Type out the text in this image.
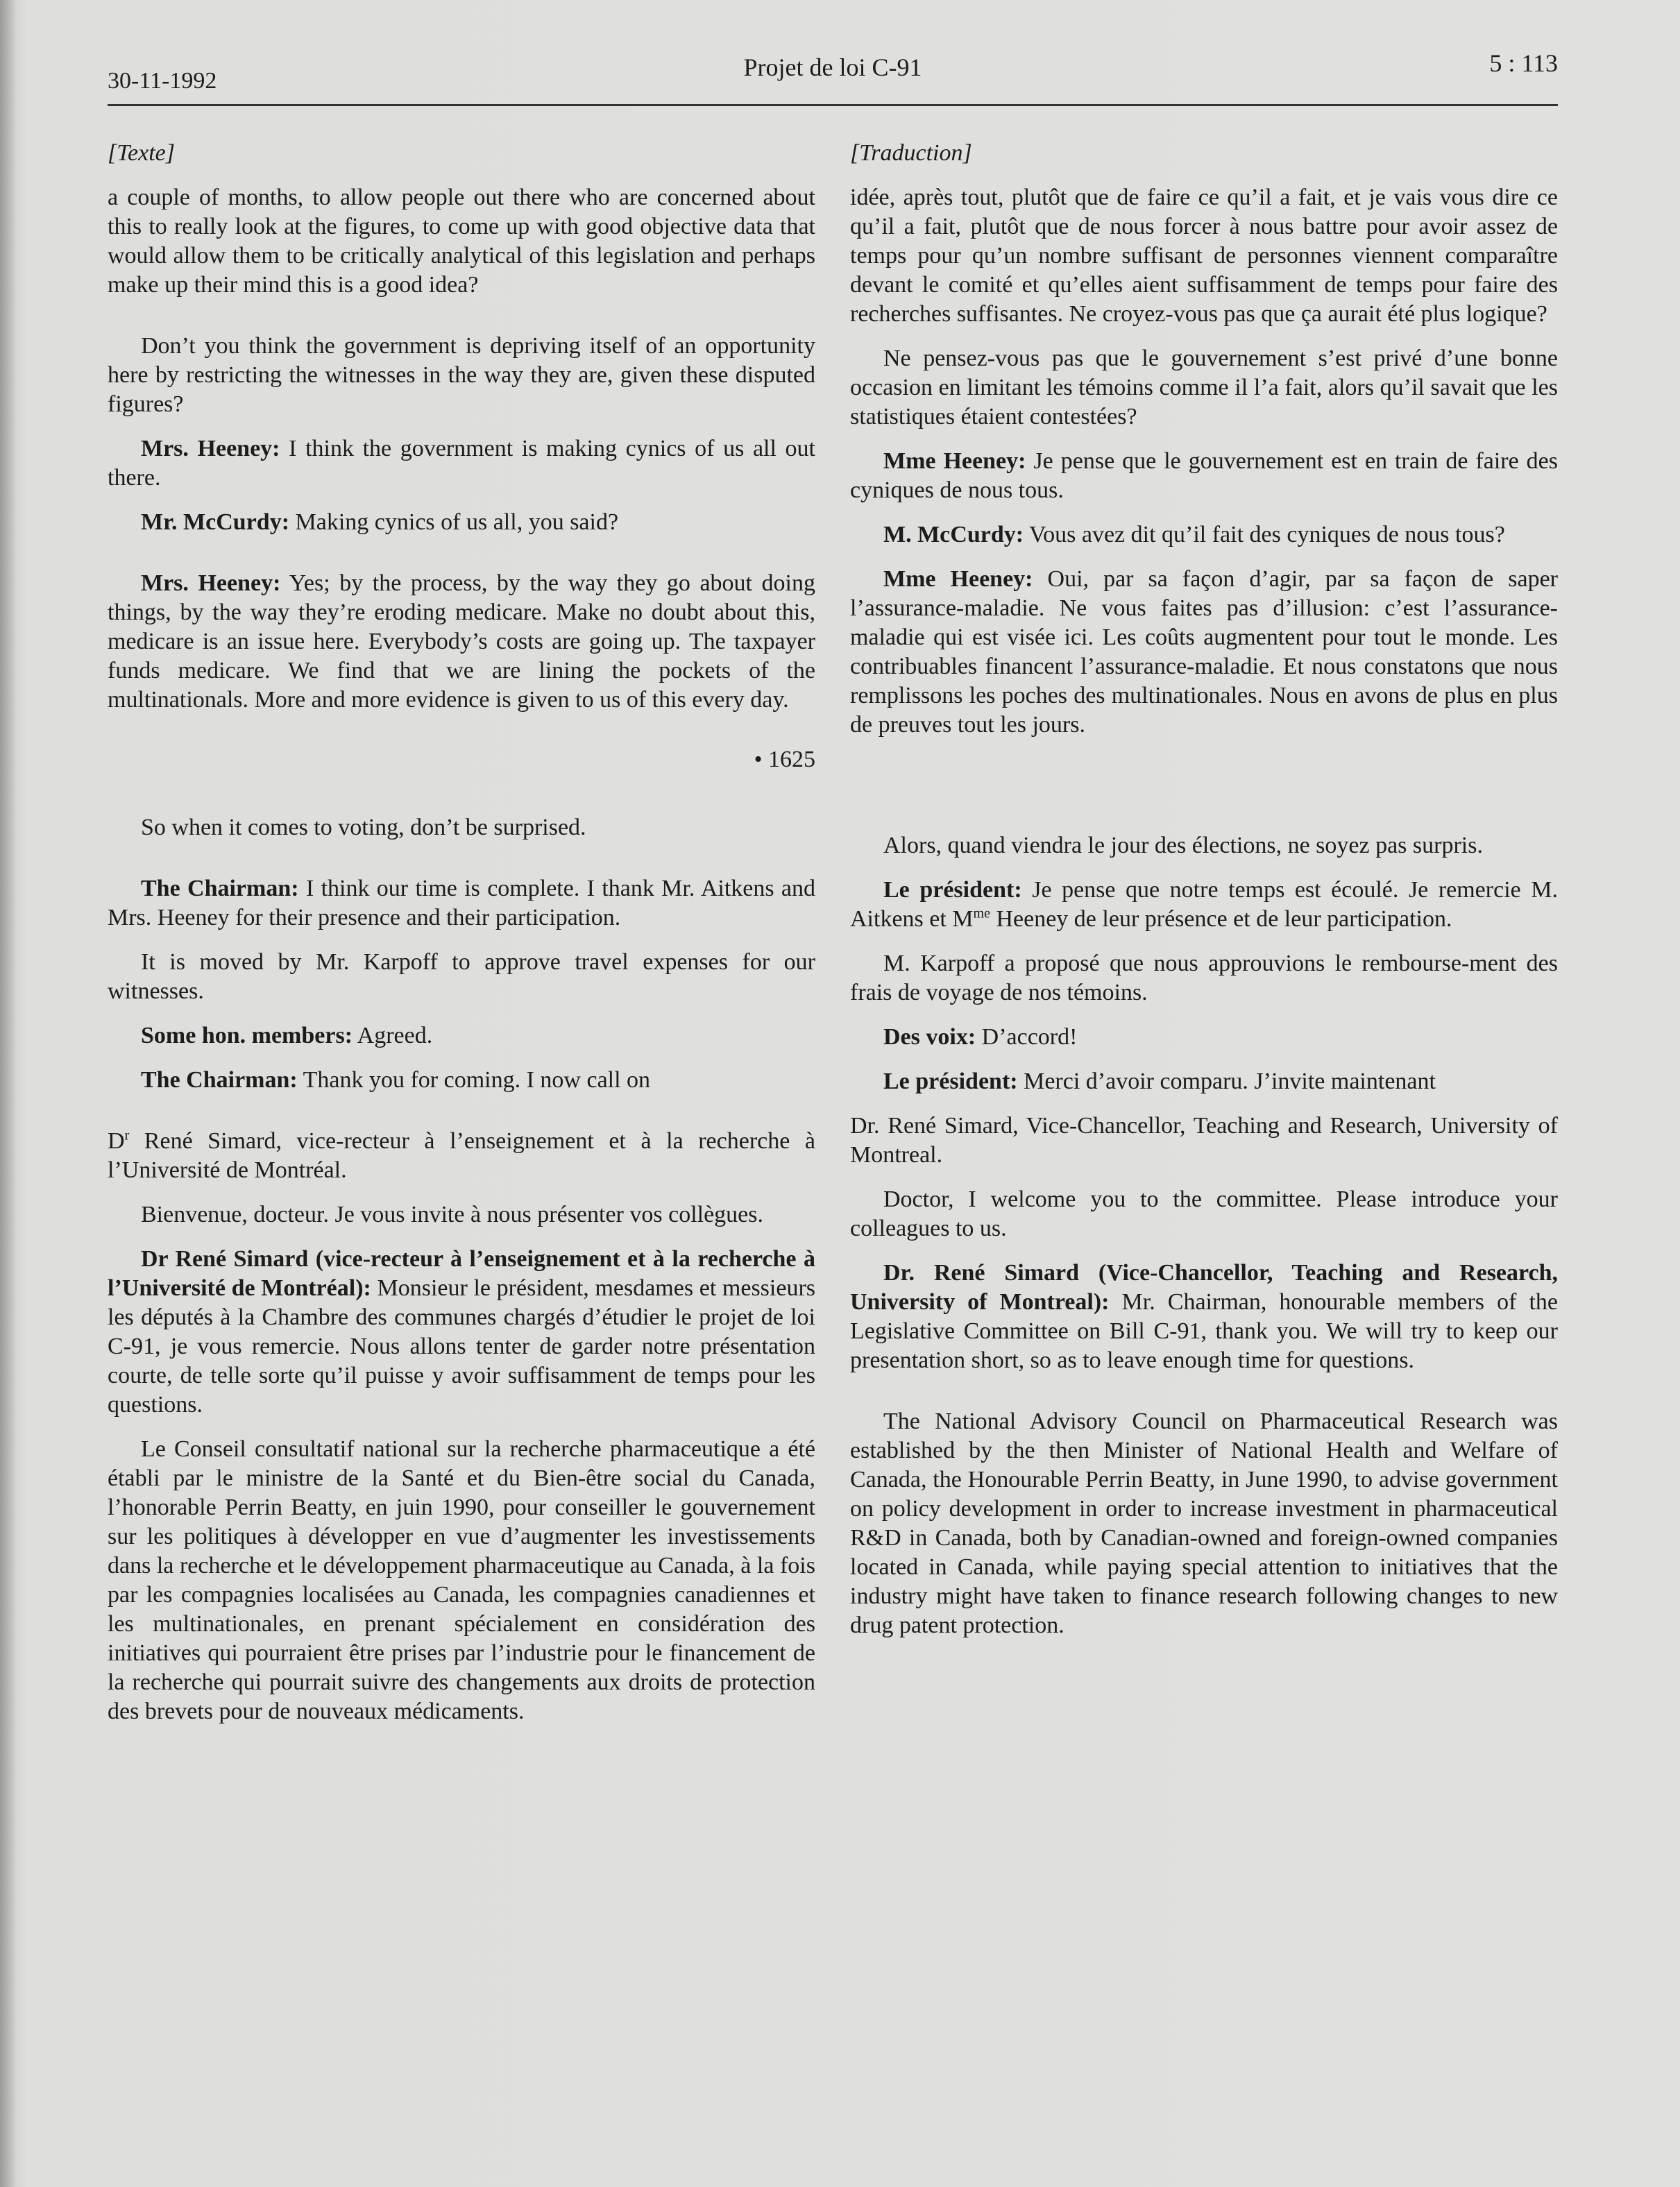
30-11-1992	Projet de loi C-91	5 : 113

[Texte]

a couple of months, to allow people out there who are concerned about this to really look at the figures, to come up with good objective data that would allow them to be critically analytical of this legislation and perhaps make up their mind this is a good idea?

Don’t you think the government is depriving itself of an opportunity here by restricting the witnesses in the way they are, given these disputed figures?

Mrs. Heeney: I think the government is making cynics of us all out there.

Mr. McCurdy: Making cynics of us all, you said?

Mrs. Heeney: Yes; by the process, by the way they go about doing things, by the way they’re eroding medicare. Make no doubt about this, medicare is an issue here. Everybody’s costs are going up. The taxpayer funds medicare. We find that we are lining the pockets of the multinationals. More and more evidence is given to us of this every day.

• 1625

So when it comes to voting, don’t be surprised.

The Chairman: I think our time is complete. I thank Mr. Aitkens and Mrs. Heeney for their presence and their participation.

It is moved by Mr. Karpoff to approve travel expenses for our witnesses.

Some hon. members: Agreed.

The Chairman: Thank you for coming. I now call on

$D^r$ René Simard, vice-recteur à l’enseignement et à la recherche à l’Université de Montréal.

Bienvenue, docteur. Je vous invite à nous présenter vos collègues.

Dr René Simard (vice-recteur à l’enseignement et à la recherche à l’Université de Montréal): Monsieur le président, mesdames et messieurs les députés à la Chambre des communes chargés d’étudier le projet de loi C-91, je vous remercie. Nous allons tenter de garder notre présentation courte, de telle sorte qu’il puisse y avoir suffisamment de temps pour les questions.

Le Conseil consultatif national sur la recherche pharmaceutique a été établi par le ministre de la Santé et du Bien-être social du Canada, l’honorable Perrin Beatty, en juin 1990, pour conseiller le gouvernement sur les politiques à développer en vue d’augmenter les investissements dans la recherche et le développement pharmaceutique au Canada, à la fois par les compagnies localisées au Canada, les compagnies canadiennes et les multinationales, en prenant spécialement en considération des initiatives qui pourraient être prises par l’industrie pour le financement de la recherche qui pourrait suivre des changements aux droits de protection des brevets pour de nouveaux médicaments.

[Traduction]

idée, après tout, plutôt que de faire ce qu’il a fait, et je vais vous dire ce qu’il a fait, plutôt que de nous forcer à nous battre pour avoir assez de temps pour qu’un nombre suffisant de personnes viennent comparaître devant le comité et qu’elles aient suffisamment de temps pour faire des recherches suffisantes. Ne croyez-vous pas que ça aurait été plus logique?

Ne pensez-vous pas que le gouvernement s’est privé d’une bonne occasion en limitant les témoins comme il l’a fait, alors qu’il savait que les statistiques étaient contestées?

Mme Heeney: Je pense que le gouvernement est en train de faire des cyniques de nous tous.

M. McCurdy: Vous avez dit qu’il fait des cyniques de nous tous?

Mme Heeney: Oui, par sa façon d’agir, par sa façon de saper l’assurance-maladie. Ne vous faites pas d’illusion: c’est l’assurance-maladie qui est visée ici. Les coûts augmentent pour tout le monde. Les contribuables financent l’assurance-maladie. Et nous constatons que nous remplissons les poches des multinationales. Nous en avons de plus en plus de preuves tout les jours.

Alors, quand viendra le jour des élections, ne soyez pas surpris.

Le président: Je pense que notre temps est écoulé. Je remercie M. Aitkens et $M^{me}$ Heeney de leur présence et de leur participation.

M. Karpoff a proposé que nous approuvions le rembourse-ment des frais de voyage de nos témoins.

Des voix: D’accord!

Le président: Merci d’avoir comparu. J’invite maintenant

Dr. René Simard, Vice-Chancellor, Teaching and Research, University of Montreal.

Doctor, I welcome you to the committee. Please introduce your colleagues to us.

Dr. René Simard (Vice-Chancellor, Teaching and Research, University of Montreal): Mr. Chairman, honourable members of the Legislative Committee on Bill C-91, thank you. We will try to keep our presentation short, so as to leave enough time for questions.

The National Advisory Council on Pharmaceutical Research was established by the then Minister of National Health and Welfare of Canada, the Honourable Perrin Beatty, in June 1990, to advise government on policy development in order to increase investment in pharmaceutical R&D in Canada, both by Canadian-owned and foreign-owned companies located in Canada, while paying special attention to initiatives that the industry might have taken to finance research following changes to new drug patent protection.
